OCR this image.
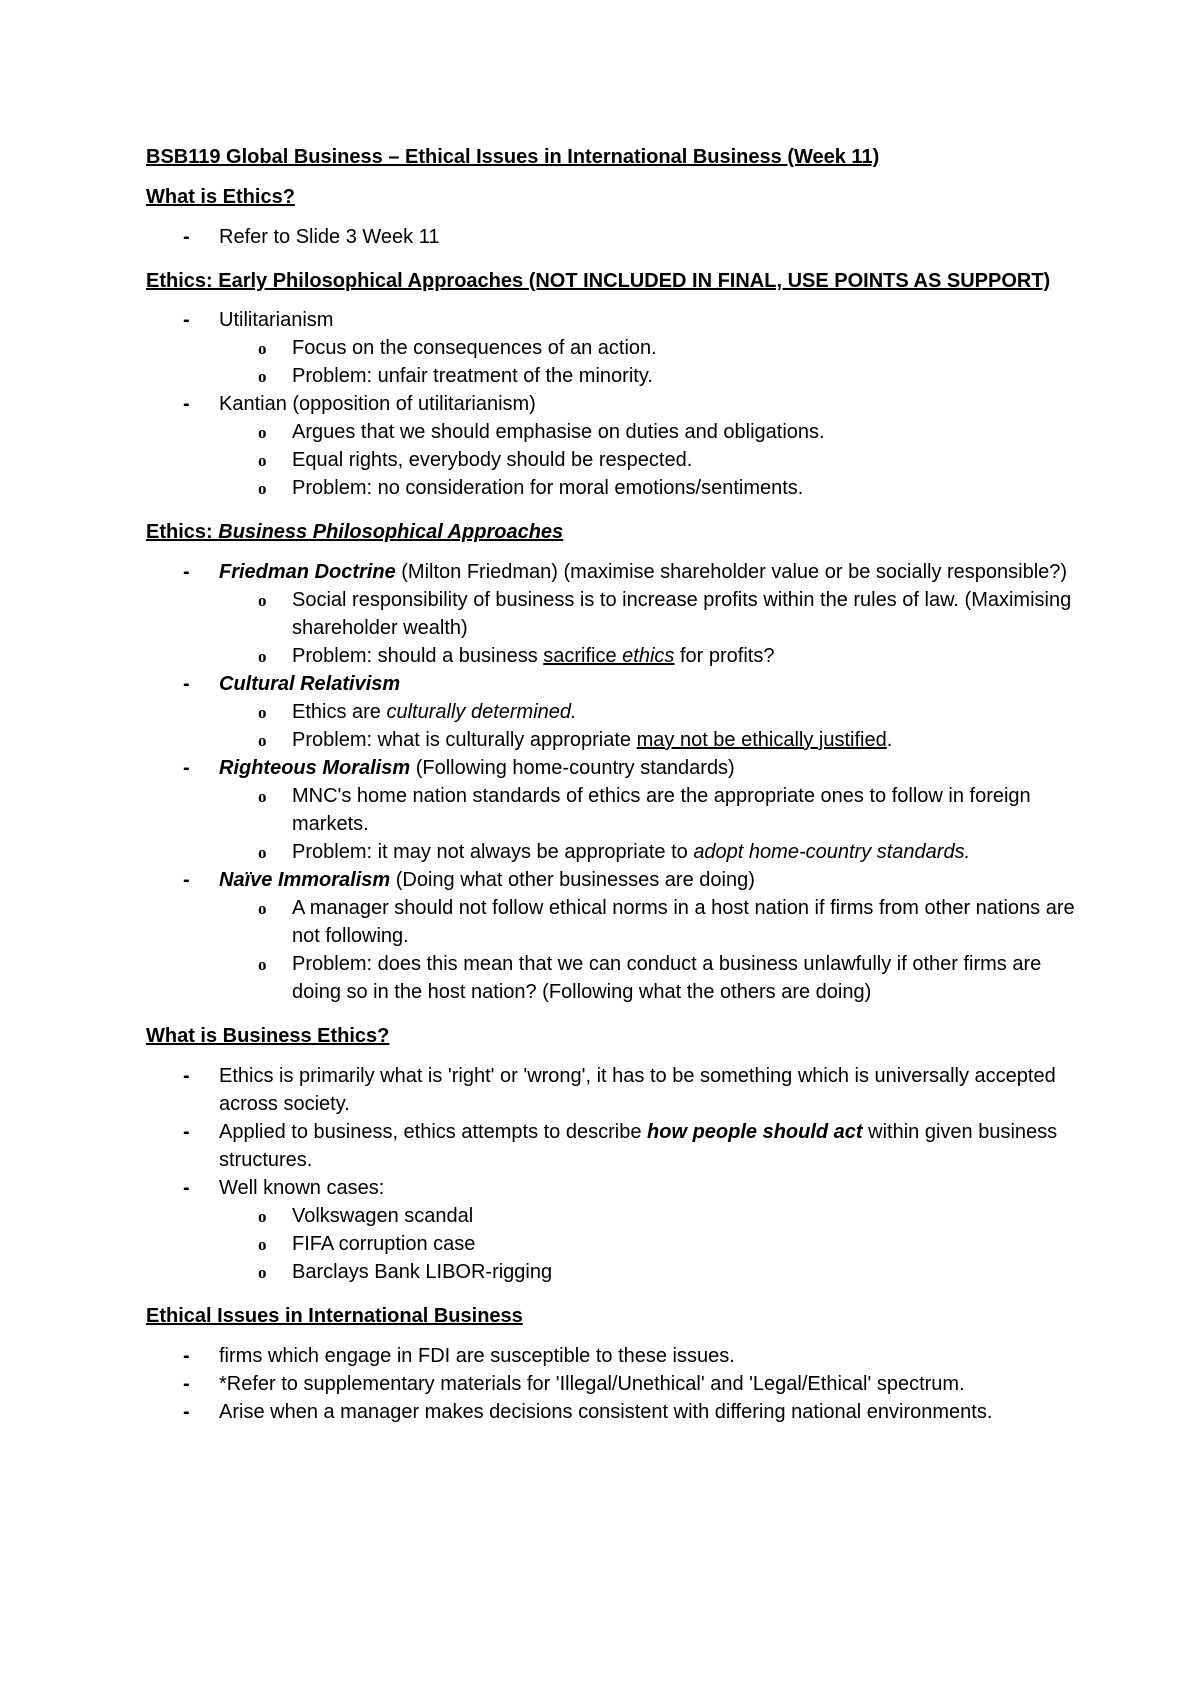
BSB119 Global Business – Ethical Issues in International Business (Week 11)
What is Ethics?
- Refer to Slide 3 Week 11
Ethics: Early Philosophical Approaches (NOT INCLUDED IN FINAL, USE POINTS AS SUPPORT)
- Utilitarianism
o Focus on the consequences of an action.
o Problem: unfair treatment of the minority.
- Kantian (opposition of utilitarianism)
o Argues that we should emphasise on duties and obligations.
o Equal rights, everybody should be respected.
o Problem: no consideration for moral emotions/sentiments.
Ethics: Business Philosophical Approaches
- Friedman Doctrine (Milton Friedman) (maximise shareholder value or be socially responsible?)
o Social responsibility of business is to increase profits within the rules of law. (Maximising shareholder wealth)
o Problem: should a business sacrifice ethics for profits?
- Cultural Relativism
o Ethics are culturally determined.
o Problem: what is culturally appropriate may not be ethically justified.
- Righteous Moralism (Following home-country standards)
o MNC's home nation standards of ethics are the appropriate ones to follow in foreign markets.
o Problem: it may not always be appropriate to adopt home-country standards.
- Naïve Immoralism (Doing what other businesses are doing)
o A manager should not follow ethical norms in a host nation if firms from other nations are not following.
o Problem: does this mean that we can conduct a business unlawfully if other firms are doing so in the host nation? (Following what the others are doing)
What is Business Ethics?
- Ethics is primarily what is 'right' or 'wrong', it has to be something which is universally accepted across society.
- Applied to business, ethics attempts to describe how people should act within given business structures.
- Well known cases:
o Volkswagen scandal
o FIFA corruption case
o Barclays Bank LIBOR-rigging
Ethical Issues in International Business
- firms which engage in FDI are susceptible to these issues.
- *Refer to supplementary materials for 'Illegal/Unethical' and 'Legal/Ethical' spectrum.
- Arise when a manager makes decisions consistent with differing national environments.
